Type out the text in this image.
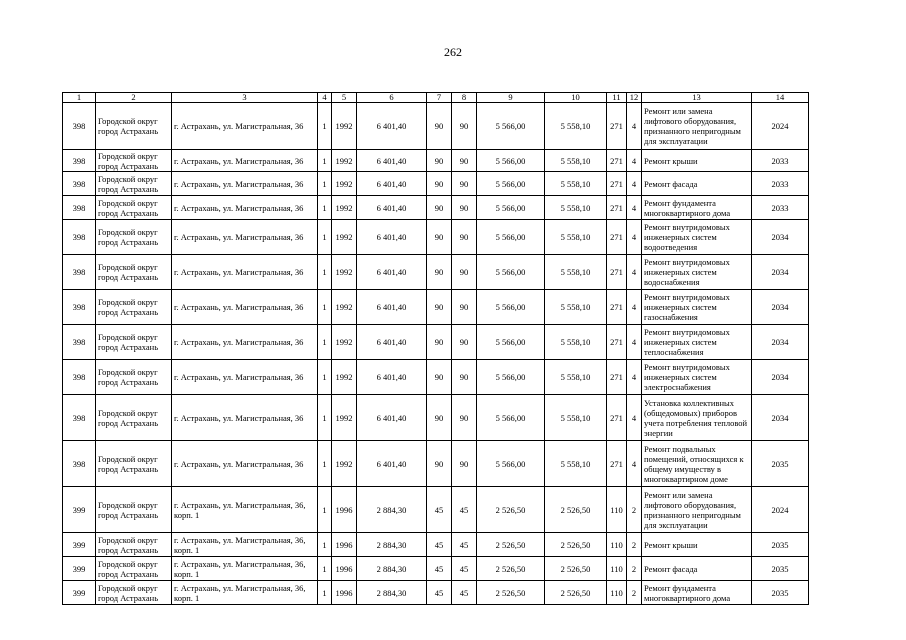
262
1	2	3	4	5	6	7	8	9	10	11	12	13	14
398	Городской округ город Астрахань	г. Астрахань, ул. Магистральная, 36	1	1992	6 401,40	90	90	5 566,00	5 558,10	271	4	Ремонт или замена лифтового оборудования, признанного непригодным для эксплуатации	2024
398	Городской округ город Астрахань	г. Астрахань, ул. Магистральная, 36	1	1992	6 401,40	90	90	5 566,00	5 558,10	271	4	Ремонт крыши	2033
398	Городской округ город Астрахань	г. Астрахань, ул. Магистральная, 36	1	1992	6 401,40	90	90	5 566,00	5 558,10	271	4	Ремонт фасада	2033
398	Городской округ город Астрахань	г. Астрахань, ул. Магистральная, 36	1	1992	6 401,40	90	90	5 566,00	5 558,10	271	4	Ремонт фундамента многоквартирного дома	2033
398	Городской округ город Астрахань	г. Астрахань, ул. Магистральная, 36	1	1992	6 401,40	90	90	5 566,00	5 558,10	271	4	Ремонт внутридомовых инженерных систем водоотведения	2034
398	Городской округ город Астрахань	г. Астрахань, ул. Магистральная, 36	1	1992	6 401,40	90	90	5 566,00	5 558,10	271	4	Ремонт внутридомовых инженерных систем водоснабжения	2034
398	Городской округ город Астрахань	г. Астрахань, ул. Магистральная, 36	1	1992	6 401,40	90	90	5 566,00	5 558,10	271	4	Ремонт внутридомовых инженерных систем газоснабжения	2034
398	Городской округ город Астрахань	г. Астрахань, ул. Магистральная, 36	1	1992	6 401,40	90	90	5 566,00	5 558,10	271	4	Ремонт внутридомовых инженерных систем теплоснабжения	2034
398	Городской округ город Астрахань	г. Астрахань, ул. Магистральная, 36	1	1992	6 401,40	90	90	5 566,00	5 558,10	271	4	Ремонт внутридомовых инженерных систем электроснабжения	2034
398	Городской округ город Астрахань	г. Астрахань, ул. Магистральная, 36	1	1992	6 401,40	90	90	5 566,00	5 558,10	271	4	Установка коллективных (общедомовых) приборов учета потребления тепловой энергии	2034
398	Городской округ город Астрахань	г. Астрахань, ул. Магистральная, 36	1	1992	6 401,40	90	90	5 566,00	5 558,10	271	4	Ремонт подвальных помещений, относящихся к общему имуществу в многоквартирном доме	2035
399	Городской округ город Астрахань	г. Астрахань, ул. Магистральная, 36, корп. 1	1	1996	2 884,30	45	45	2 526,50	2 526,50	110	2	Ремонт или замена лифтового оборудования, признанного непригодным для эксплуатации	2024
399	Городской округ город Астрахань	г. Астрахань, ул. Магистральная, 36, корп. 1	1	1996	2 884,30	45	45	2 526,50	2 526,50	110	2	Ремонт крыши	2035
399	Городской округ город Астрахань	г. Астрахань, ул. Магистральная, 36, корп. 1	1	1996	2 884,30	45	45	2 526,50	2 526,50	110	2	Ремонт фасада	2035
399	Городской округ город Астрахань	г. Астрахань, ул. Магистральная, 36, корп. 1	1	1996	2 884,30	45	45	2 526,50	2 526,50	110	2	Ремонт фундамента многоквартирного дома	2035
